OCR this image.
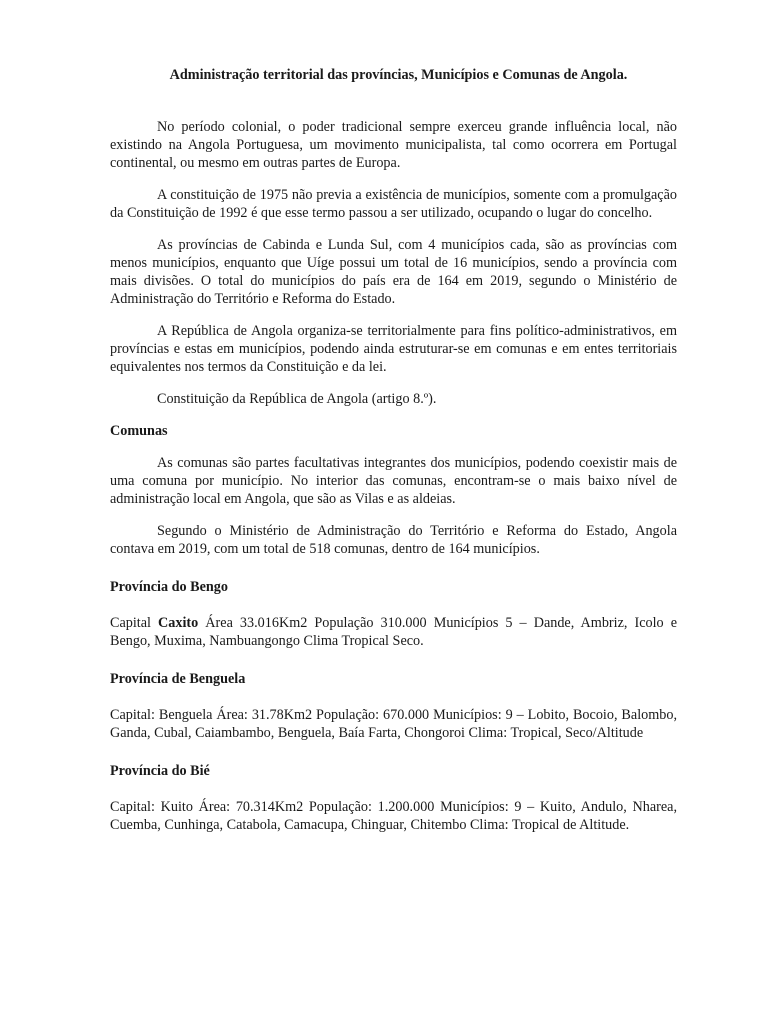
Administração territorial das províncias, Municípios e Comunas de Angola.

No período colonial, o poder tradicional sempre exerceu grande influência local, não existindo na Angola Portuguesa, um movimento municipalista, tal como ocorrera em Portugal continental, ou mesmo em outras partes de Europa.

A constituição de 1975 não previa a existência de municípios, somente com a promulgação da Constituição de 1992 é que esse termo passou a ser utilizado, ocupando o lugar do concelho.

As províncias de Cabinda e Lunda Sul, com 4 municípios cada, são as províncias com menos municípios, enquanto que Uíge possui um total de 16 municípios, sendo a província com mais divisões. O total do municípios do país era de 164 em 2019, segundo o Ministério de Administração do Território e Reforma do Estado.

A República de Angola organiza-se territorialmente para fins político-administrativos, em províncias e estas em municípios, podendo ainda estruturar-se em comunas e em entes territoriais equivalentes nos termos da Constituição e da lei.

Constituição da República de Angola (artigo 8.º).

Comunas

As comunas são partes facultativas integrantes dos municípios, podendo coexistir mais de uma comuna por município. No interior das comunas, encontram-se o mais baixo nível de administração local em Angola, que são as Vilas e as aldeias.

Segundo o Ministério de Administração do Território e Reforma do Estado, Angola contava em 2019, com um total de 518 comunas, dentro de 164 municípios.

Província do Bengo

Capital Caxito Área 33.016Km2 População 310.000 Municípios 5 – Dande, Ambriz, Icolo e Bengo, Muxima, Nambuangongo Clima Tropical Seco.

Província de Benguela

Capital: Benguela Área: 31.78Km2 População: 670.000 Municípios: 9 – Lobito, Bocoio, Balombo, Ganda, Cubal, Caiambambo, Benguela, Baía Farta, Chongoroi Clima: Tropical, Seco/Altitude

Província do Bié

Capital: Kuito Área: 70.314Km2 População: 1.200.000 Municípios: 9 – Kuito, Andulo, Nharea, Cuemba, Cunhinga, Catabola, Camacupa, Chinguar, Chitembo Clima: Tropical de Altitude.
